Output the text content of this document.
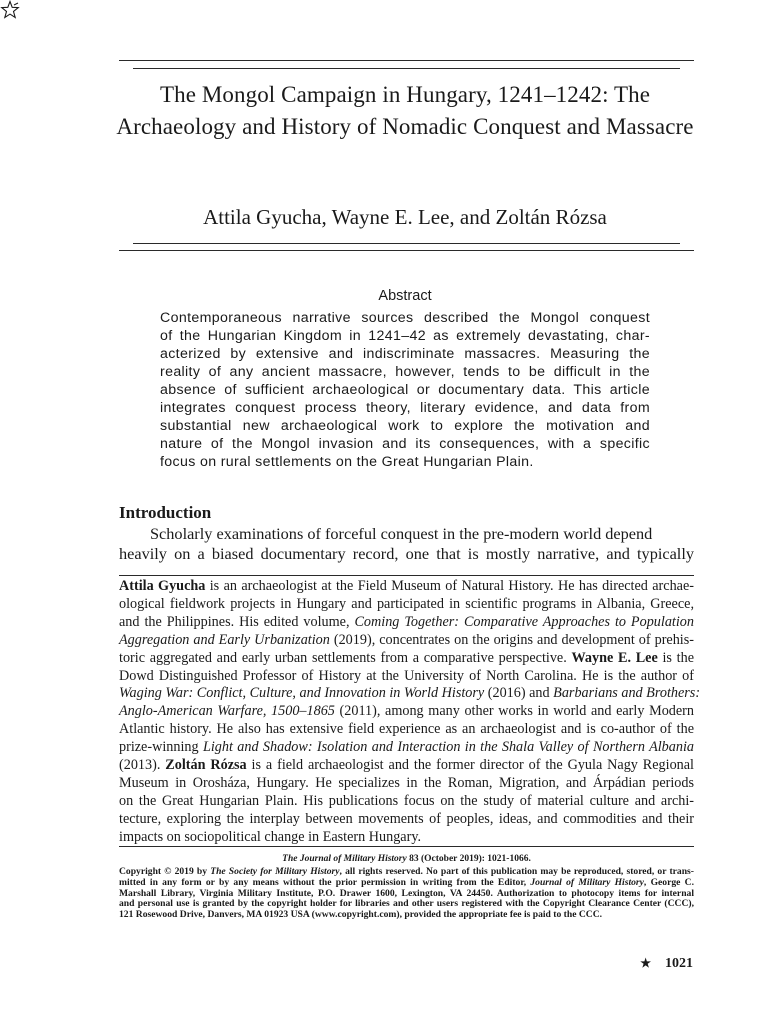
The Mongol Campaign in Hungary, 1241–1242: The
Archaeology and History of Nomadic Conquest and Massacre
Attila Gyucha, Wayne E. Lee, and Zoltán Rózsa
Abstract
Contemporaneous narrative sources described the Mongol conquest
of the Hungarian Kingdom in 1241–42 as extremely devastating, char-
acterized by extensive and indiscriminate massacres. Measuring the
reality of any ancient massacre, however, tends to be difficult in the
absence of sufficient archaeological or documentary data. This article
integrates conquest process theory, literary evidence, and data from
substantial new archaeological work to explore the motivation and
nature of the Mongol invasion and its consequences, with a specific
focus on rural settlements on the Great Hungarian Plain.
Introduction
Scholarly examinations of forceful conquest in the pre-modern world depend
heavily on a biased documentary record, one that is mostly narrative, and typically
Attila Gyucha is an archaeologist at the Field Museum of Natural History. He has directed archae-
ological fieldwork projects in Hungary and participated in scientific programs in Albania, Greece,
and the Philippines. His edited volume, Coming Together: Comparative Approaches to Population
Aggregation and Early Urbanization (2019), concentrates on the origins and development of prehis-
toric aggregated and early urban settlements from a comparative perspective. Wayne E. Lee is the
Dowd Distinguished Professor of History at the University of North Carolina. He is the author of
Waging War: Conflict, Culture, and Innovation in World History (2016) and Barbarians and Brothers:
Anglo-American Warfare, 1500–1865 (2011), among many other works in world and early Modern
Atlantic history. He also has extensive field experience as an archaeologist and is co-author of the
prize-winning Light and Shadow: Isolation and Interaction in the Shala Valley of Northern Albania
(2013). Zoltán Rózsa is a field archaeologist and the former director of the Gyula Nagy Regional
Museum in Orosháza, Hungary. He specializes in the Roman, Migration, and Árpádian periods
on the Great Hungarian Plain. His publications focus on the study of material culture and archi-
tecture, exploring the interplay between movements of peoples, ideas, and commodities and their
impacts on sociopolitical change in Eastern Hungary.
The Journal of Military History 83 (October 2019): 1021-1066.
Copyright © 2019 by The Society for Military History, all rights reserved. No part of this publication may be reproduced, stored, or trans-
mitted in any form or by any means without the prior permission in writing from the Editor, Journal of Military History, George C.
Marshall Library, Virginia Military Institute, P.O. Drawer 1600, Lexington, VA 24450. Authorization to photocopy items for internal
and personal use is granted by the copyright holder for libraries and other users registered with the Copyright Clearance Center (CCC),
121 Rosewood Drive, Danvers, MA 01923 USA (www.copyright.com), provided the appropriate fee is paid to the CCC.
★ 1021
